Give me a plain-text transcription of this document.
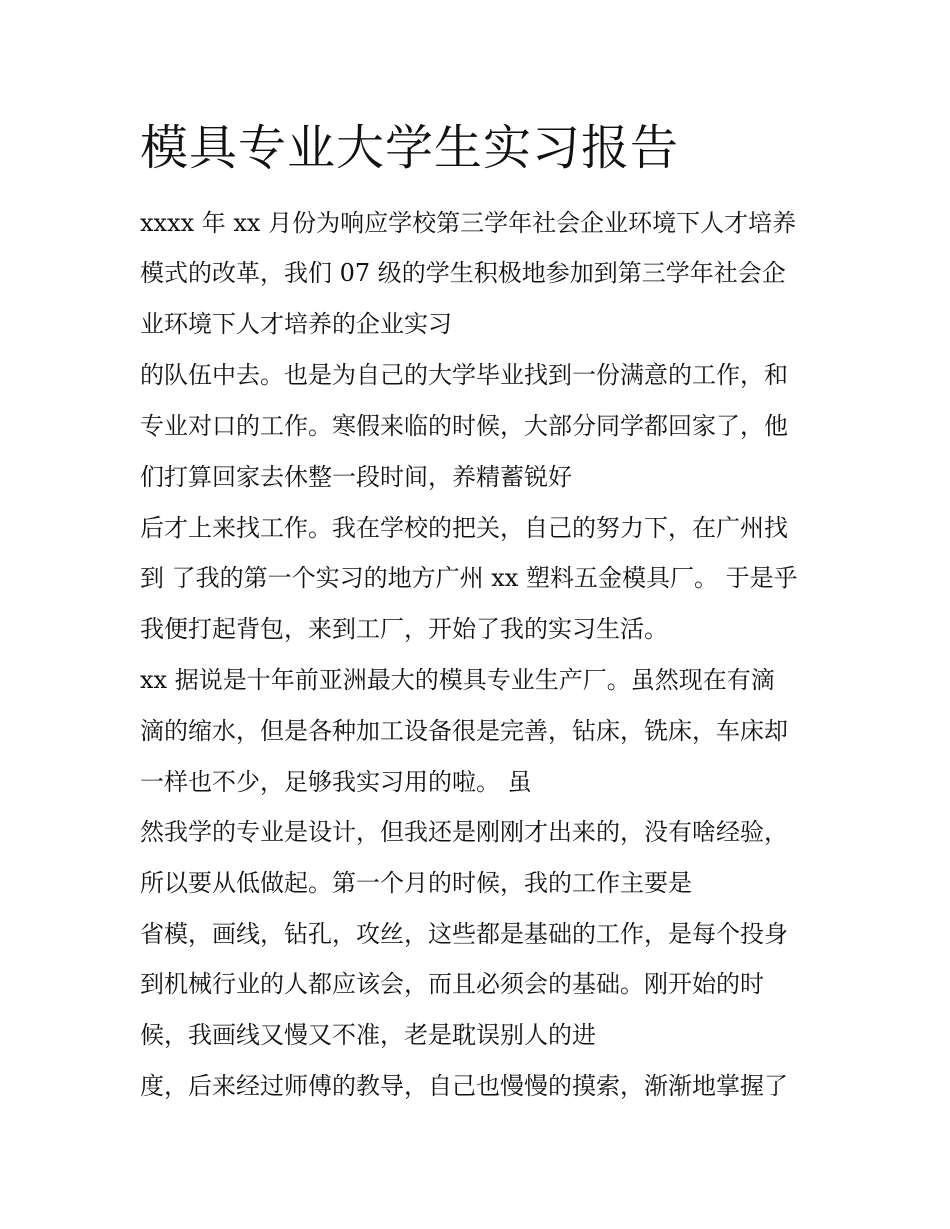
模具专业大学生实习报告

xxxx 年 xx 月份为响应学校第三学年社会企业环境下人才培养

模式的改革，我们 07 级的学生积极地参加到第三学年社会企

业环境下人才培养的企业实习

的队伍中去。也是为自己的大学毕业找到一份满意的工作，和

专业对口的工作。寒假来临的时候，大部分同学都回家了，他

们打算回家去休整一段时间，养精蓄锐好

后才上来找工作。我在学校的把关，自己的努力下，在广州找

到 了我的第一个实习的地方广州 xx 塑料五金模具厂。 于是乎

我便打起背包，来到工厂，开始了我的实习生活。

xx 据说是十年前亚洲最大的模具专业生产厂。虽然现在有滴

滴的缩水，但是各种加工设备很是完善，钻床，铣床，车床却

一样也不少，足够我实习用的啦。 虽

然我学的专业是设计，但我还是刚刚才出来的，没有啥经验，

所以要从低做起。第一个月的时候，我的工作主要是

省模，画线，钻孔，攻丝，这些都是基础的工作，是每个投身

到机械行业的人都应该会，而且必须会的基础。刚开始的时

候，我画线又慢又不准，老是耽误别人的进

度，后来经过师傅的教导，自己也慢慢的摸索，渐渐地掌握了
